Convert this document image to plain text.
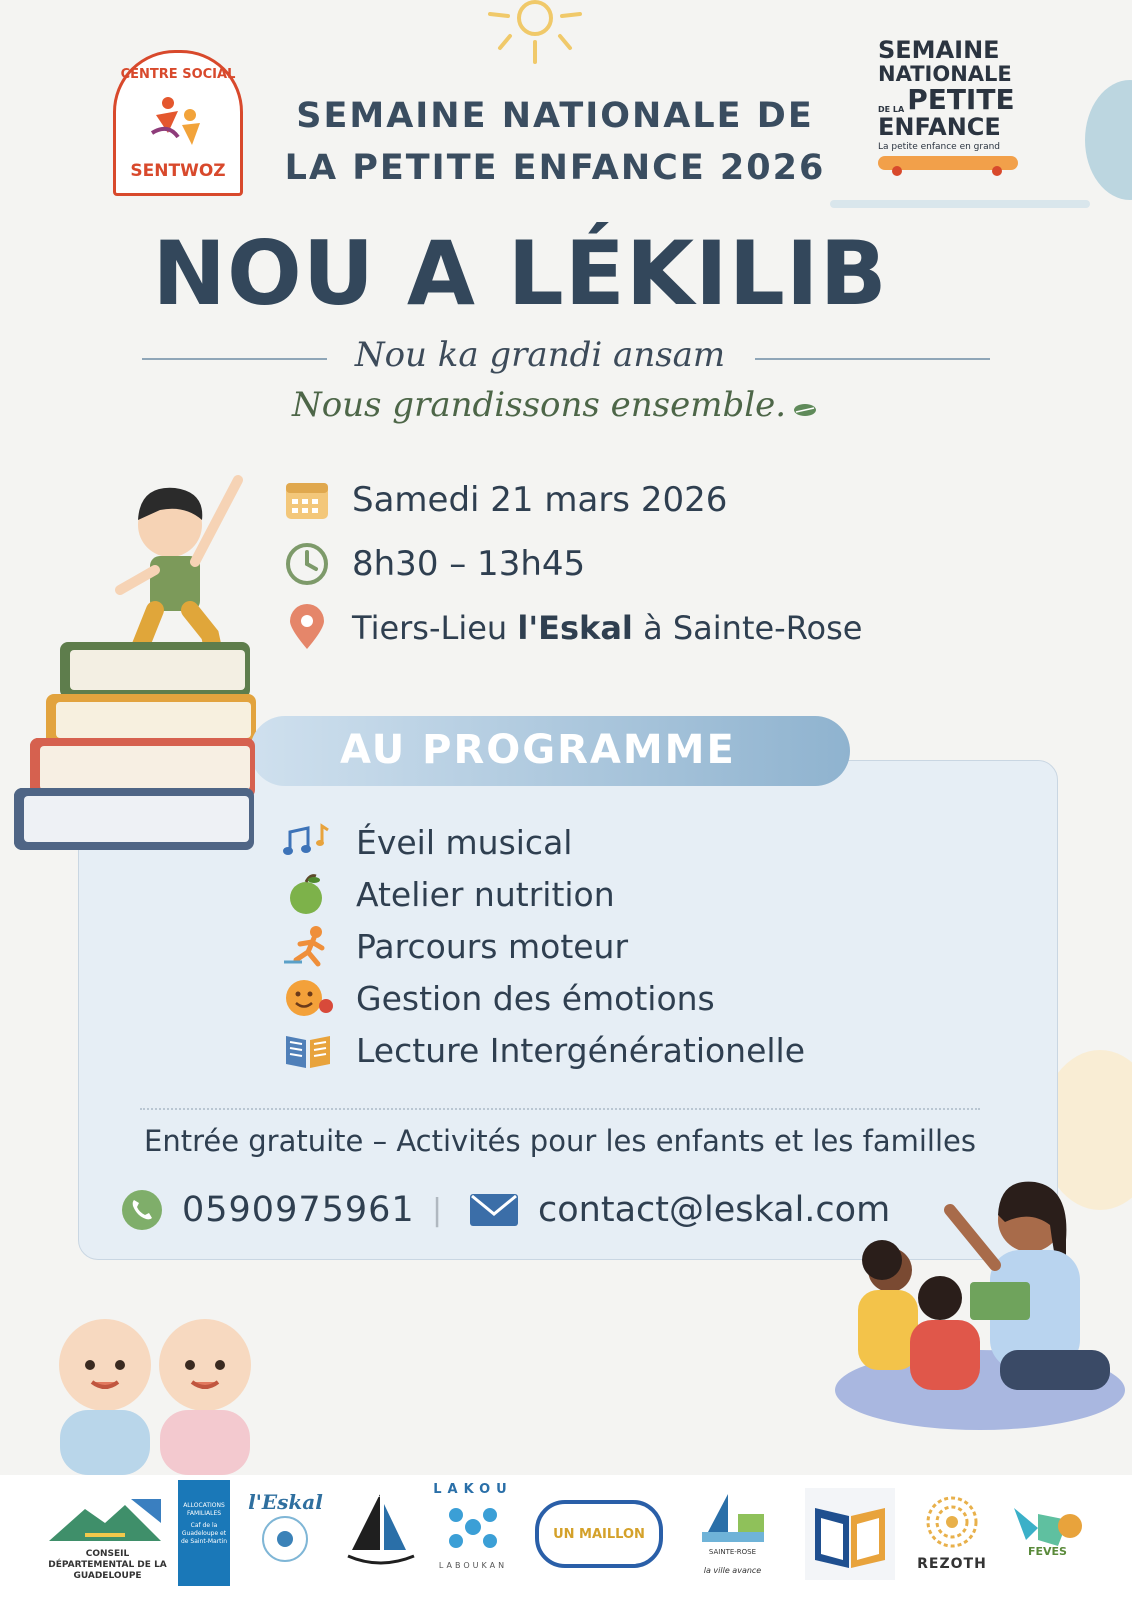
CENTRE SOCIAL
SENTWOZ
SEMAINE NATIONALE DE
LA PETITE ENFANCE 2026
SEMAINE
NATIONALE
DE LA PETITE
ENFANCE
La petite enfance en grand
NOU A LÉKILIB
Nou ka grandi ansam
Nous grandissons ensemble.
Samedi 21 mars 2026
8h30 – 13h45
Tiers-Lieu l'Eskal à Sainte-Rose
AU PROGRAMME
Éveil musical
Atelier nutrition
Parcours moteur
Gestion des émotions
Lecture Intergénérationelle
Entrée gratuite – Activités pour les enfants et les familles
0590975961 |	contact@leskal.com
CONSEIL DÉPARTEMENTAL DE LA GUADELOUPE
ALLOCATIONS FAMILIALES
Caf de la Guadeloupe et de Saint-Martin
l'Eskal	Nautik	LAKOU
LABOUKAN
UN MAILLON
SAINTE-ROSE
la ville avance	REZOTH
FEVES
